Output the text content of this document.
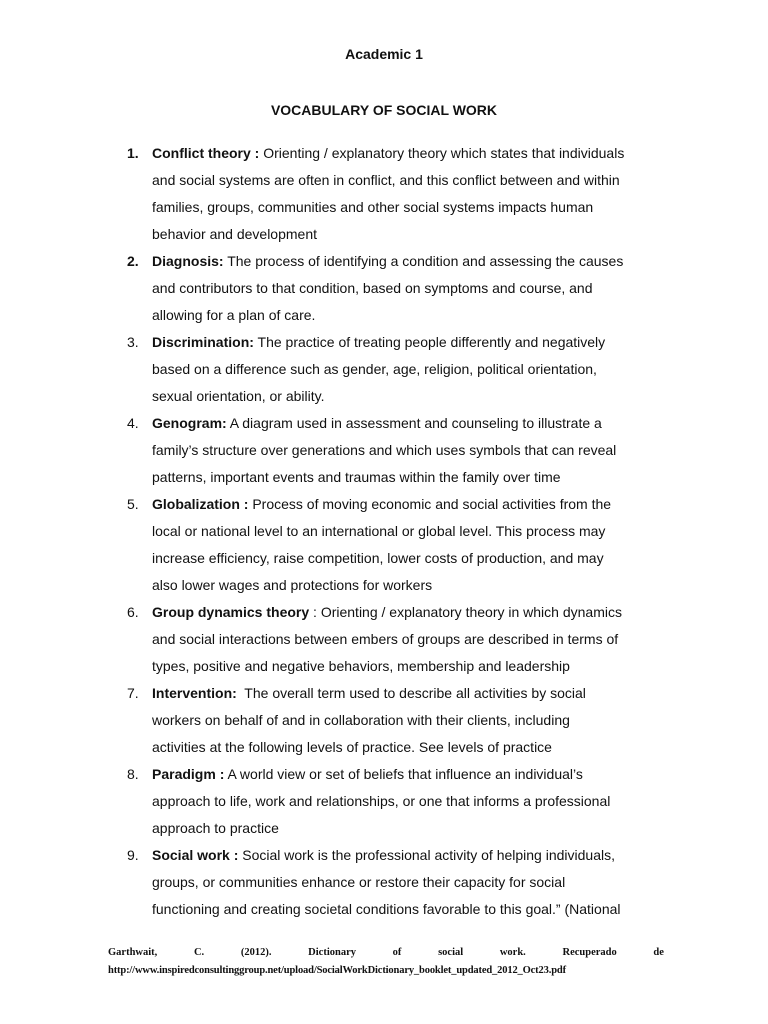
Academic 1
VOCABULARY OF SOCIAL WORK
1. Conflict theory : Orienting / explanatory theory which states that individuals
and social systems are often in conflict, and this conflict between and within
families, groups, communities and other social systems impacts human
behavior and development
2. Diagnosis: The process of identifying a condition and assessing the causes
and contributors to that condition, based on symptoms and course, and
allowing for a plan of care.
3. Discrimination: The practice of treating people differently and negatively
based on a difference such as gender, age, religion, political orientation,
sexual orientation, or ability.
4. Genogram: A diagram used in assessment and counseling to illustrate a
family’s structure over generations and which uses symbols that can reveal
patterns, important events and traumas within the family over time
5. Globalization : Process of moving economic and social activities from the
local or national level to an international or global level. This process may
increase efficiency, raise competition, lower costs of production, and may
also lower wages and protections for workers
6. Group dynamics theory : Orienting / explanatory theory in which dynamics
and social interactions between embers of groups are described in terms of
types, positive and negative behaviors, membership and leadership
7. Intervention:  The overall term used to describe all activities by social
workers on behalf of and in collaboration with their clients, including
activities at the following levels of practice. See levels of practice
8. Paradigm : A world view or set of beliefs that influence an individual’s
approach to life, work and relationships, or one that informs a professional
approach to practice
9. Social work : Social work is the professional activity of helping individuals,
groups, or communities enhance or restore their capacity for social
functioning and creating societal conditions favorable to this goal.” (National
Garthwait,	C.	(2012).	Dictionary	of	social	work.	Recuperado	de
http://www.inspiredconsultinggroup.net/upload/SocialWorkDictionary_booklet_updated_2012_Oct23.pdf
